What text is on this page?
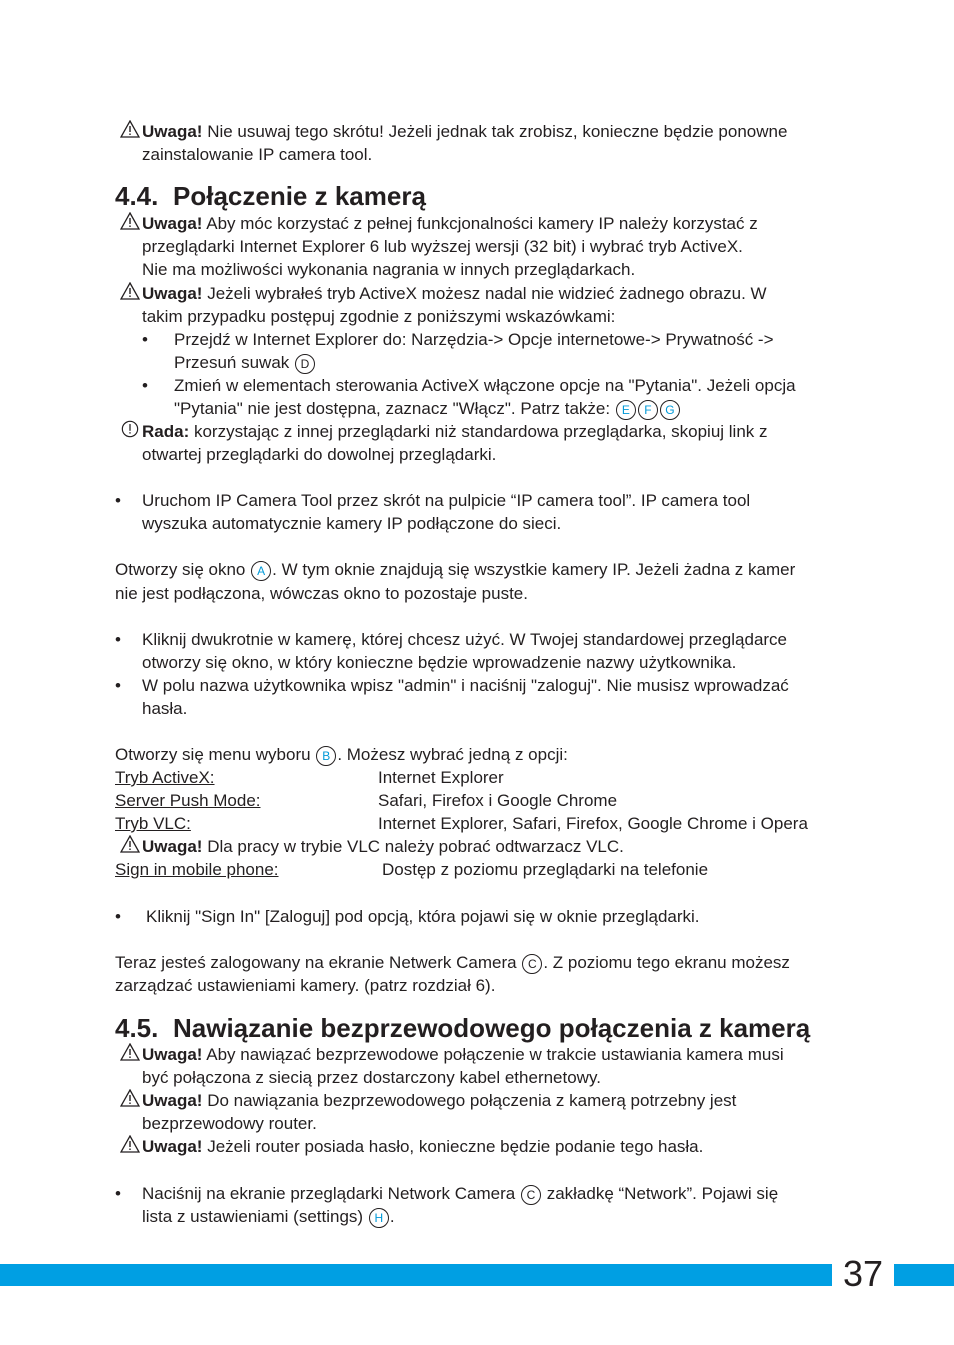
Uwaga! Nie usuwaj tego skrótu! Jeżeli jednak tak zrobisz, konieczne będzie ponowne
zainstalowanie IP camera tool.
4.4. Połączenie z kamerą
Uwaga! Aby móc korzystać z pełnej funkcjonalności kamery IP należy korzystać z
przeglądarki Internet Explorer 6 lub wyższej wersji (32 bit) i wybrać tryb ActiveX.
Nie ma możliwości wykonania nagrania w innych przeglądarkach.
Uwaga! Jeżeli wybrałeś tryb ActiveX możesz nadal nie widzieć żadnego obrazu. W
takim przypadku postępuj zgodnie z poniższymi wskazówkami:
• Przejdź w Internet Explorer do: Narzędzia-> Opcje internetowe-> Prywatność ->
Przesuń suwak D
• Zmień w elementach sterowania ActiveX włączone opcje na "Pytania". Jeżeli opcja
"Pytania" nie jest dostępna, zaznacz "Włącz". Patrz także: E F G
Rada: korzystając z innej przeglądarki niż standardowa przeglądarka, skopiuj link z
otwartej przeglądarki do dowolnej przeglądarki.
• Uruchom IP Camera Tool przez skrót na pulpicie “IP camera tool”. IP camera tool
wyszuka automatycznie kamery IP podłączone do sieci.
Otworzy się okno A . W tym oknie znajdują się wszystkie kamery IP. Jeżeli żadna z kamer
nie jest podłączona, wówczas okno to pozostaje puste.
• Kliknij dwukrotnie w kamerę, której chcesz użyć. W Twojej standardowej przeglądarce
otworzy się okno, w który konieczne będzie wprowadzenie nazwy użytkownika.
• W polu nazwa użytkownika wpisz "admin" i naciśnij "zaloguj". Nie musisz wprowadzać
hasła.
Otworzy się menu wyboru B . Możesz wybrać jedną z opcji:
Tryb ActiveX:	Internet Explorer
Server Push Mode:	Safari, Firefox i Google Chrome
Tryb VLC:	Internet Explorer, Safari, Firefox, Google Chrome i Opera
Uwaga! Dla pracy w trybie VLC należy pobrać odtwarzacz VLC.
Sign in mobile phone:	Dostęp z poziomu przeglądarki na telefonie
• Kliknij "Sign In" [Zaloguj] pod opcją, która pojawi się w oknie przeglądarki.
Teraz jesteś zalogowany na ekranie Netwerk Camera C . Z poziomu tego ekranu możesz
zarządzać ustawieniami kamery. (patrz rozdział 6).
4.5. Nawiązanie bezprzewodowego połączenia z kamerą
Uwaga! Aby nawiązać bezprzewodowe połączenie w trakcie ustawiania kamera musi
być połączona z siecią przez dostarczony kabel ethernetowy.
Uwaga! Do nawiązania bezprzewodowego połączenia z kamerą potrzebny jest
bezprzewodowy router.
Uwaga! Jeżeli router posiada hasło, konieczne będzie podanie tego hasła.
• Naciśnij na ekranie przeglądarki Network Camera C zakładkę “Network”. Pojawi się
lista z ustawieniami (settings) H .
37
